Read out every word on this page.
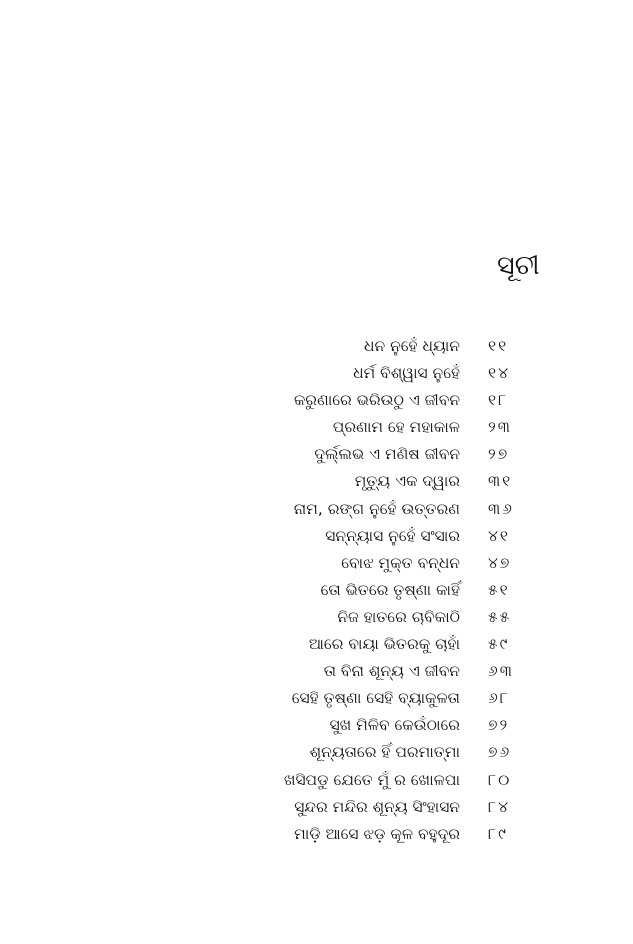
ସୂଚୀ
ଧନ ନୁହେଁ ଧ୍ୟାନ ୧୧
ଧର୍ମ ବିଶ୍ୱାସ ନୁହେଁ ୧୪
କରୁଣାରେ ଭରିଉଠୁ ଏ ଜୀବନ ୧୮
ପ୍ରଣାମ ହେ ମହାକାଳ ୨୩
ଦୁର୍ଲ୍ଲଭ ଏ ମଣିଷ ଜୀବନ ୨୭
ମୃତ୍ୟୁ ଏକ ଦ୍ୱାର ୩୧
ନାମ, ରଙ୍ଗ ନୁହେଁ ଉତ୍ତରଣ ୩୬
ସନ୍ନ୍ୟାସ ନୁହେଁ ସଂସାର ୪୧
ବୋଝ ମୁକ୍ତ ବନ୍ଧନ ୪୭
ତୋ ଭିତରେ ତୃଷ୍ଣା କାହିଁ ୫୧
ନିଜ ହାତରେ ଚାବିକାଠି ୫୫
ଆରେ ବାୟା ଭିତରକୁ ଚାହାଁ ୫୯
ତା ବିନା ଶୂନ୍ୟ ଏ ଜୀବନ ୬୩
ସେହି ତୃଷ୍ଣା ସେହି ବ୍ୟାକୁଳତା ୬୮
ସୁଖ ମିଳିବ କେଉଁଠାରେ ୭୨
ଶୂନ୍ୟତାରେ ହିଁ ପରମାତ୍ମା ୭୬
ଖସିପଡୁ ଯେତେ ମୁଁ ର ଖୋଳପା ୮୦
ସୁନ୍ଦର ମନ୍ଦିର ଶୂନ୍ୟ ସିଂହାସନ ୮୪
ମାଡ଼ି ଆସେ ଝଡ଼ କୂଳ ବହୁଦୂର ୮୯
